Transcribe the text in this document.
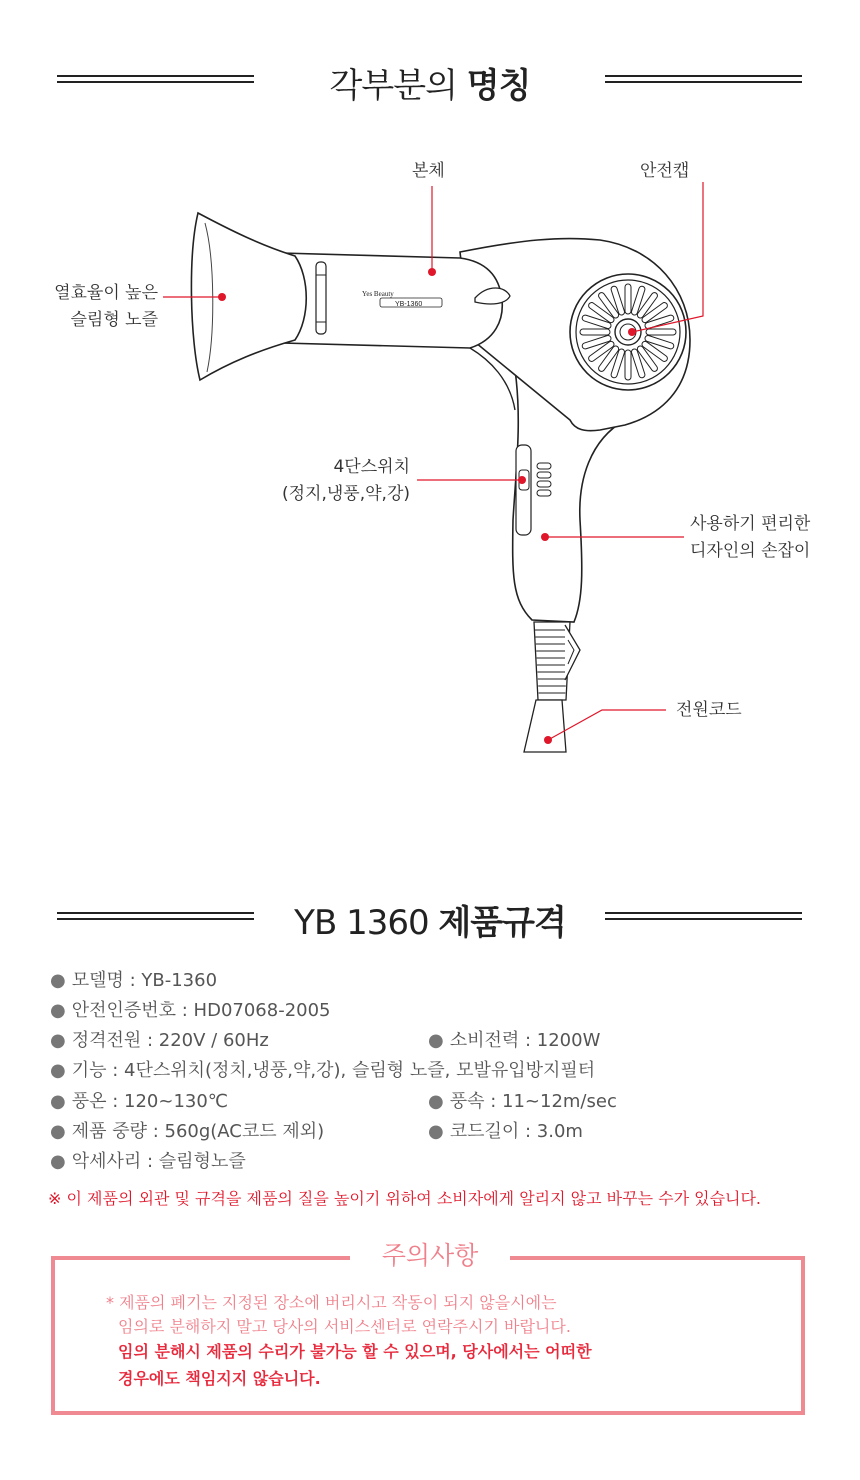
각부분의 명칭
Yes Beauty
YB-1360
본체	안전캡
열효율이 높은
슬림형 노즐
4단스위치
(정지,냉풍,약,강)
사용하기 편리한
디자인의 손잡이
전원코드
YB 1360 제품규격
● 모델명 : YB-1360
● 안전인증번호 : HD07068-2005
● 정격전원 : 220V / 60Hz	● 소비전력 : 1200W
● 기능 : 4단스위치(정치,냉풍,약,강), 슬림형 노즐, 모발유입방지필터
● 풍온 : 120~130℃	● 풍속 : 11~12m/sec
● 제품 중량 : 560g(AC코드 제외)	● 코드길이 : 3.0m
● 악세사리 : 슬림형노즐
※ 이 제품의 외관 및 규격을 제품의 질을 높이기 위하여 소비자에게 알리지 않고 바꾸는 수가 있습니다.
주의사항
* 제품의 폐기는 지정된 장소에 버리시고 작동이 되지 않을시에는
임의로 분해하지 말고 당사의 서비스센터로 연락주시기 바랍니다.
임의 분해시 제품의 수리가 불가능 할 수 있으며, 당사에서는 어떠한
경우에도 책임지지 않습니다.
